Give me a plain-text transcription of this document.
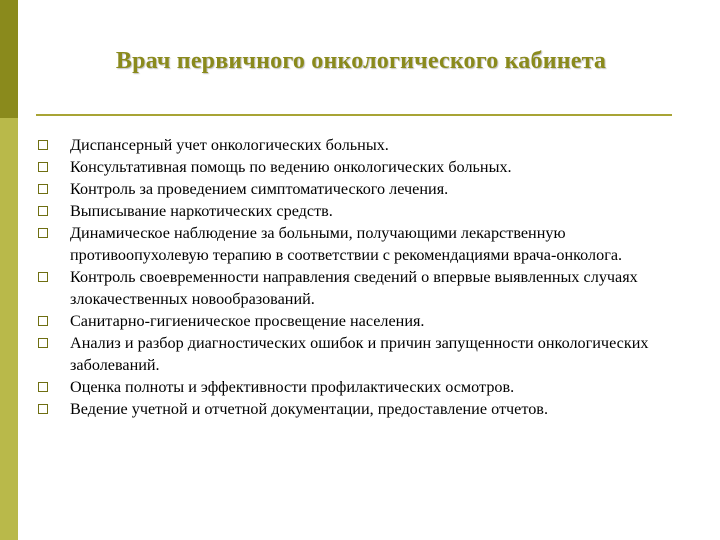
Врач первичного онкологического кабинета
Диспансерный учет онкологических больных.
Консультативная помощь по ведению онкологических больных.
Контроль за проведением симптоматического лечения.
Выписывание наркотических средств.
Динамическое наблюдение за больными, получающими лекарственную противоопухолевую терапию в соответствии с рекомендациями врача-онколога.
Контроль своевременности направления сведений о впервые выявленных случаях злокачественных новообразований.
Санитарно-гигиеническое просвещение населения.
Анализ и разбор диагностических ошибок и причин запущенности онкологических заболеваний.
Оценка полноты и эффективности профилактических осмотров.
Ведение учетной и отчетной документации, предоставление отчетов.
